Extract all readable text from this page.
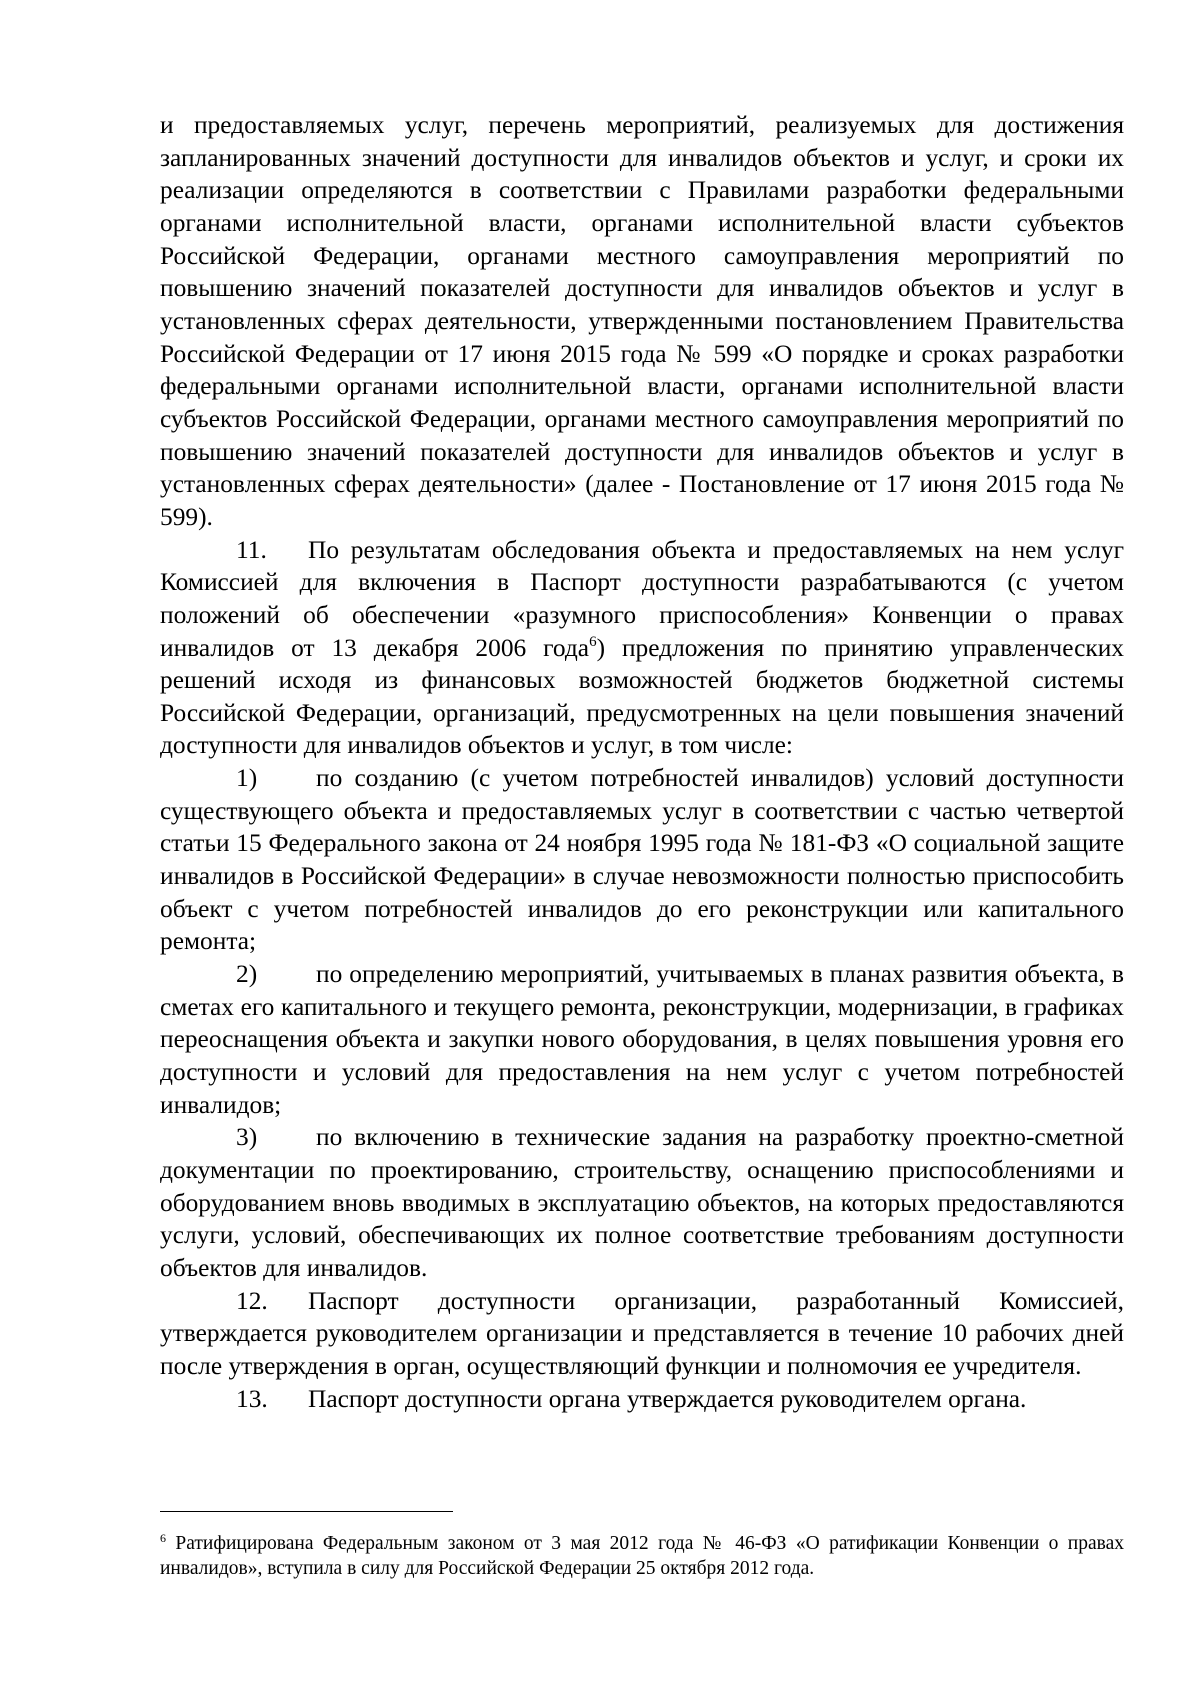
и предоставляемых услуг, перечень мероприятий, реализуемых для достижения запланированных значений доступности для инвалидов объектов и услуг, и сроки их реализации определяются в соответствии с Правилами разработки федеральными органами исполнительной власти, органами исполнительной власти субъектов Российской Федерации, органами местного самоуправления мероприятий по повышению значений показателей доступности для инвалидов объектов и услуг в установленных сферах деятельности, утвержденными постановлением Правительства Российской Федерации от 17 июня 2015 года № 599 «О порядке и сроках разработки федеральными органами исполнительной власти, органами исполнительной власти субъектов Российской Федерации, органами местного самоуправления мероприятий по повышению значений показателей доступности для инвалидов объектов и услуг в установленных сферах деятельности» (далее - Постановление от 17 июня 2015 года № 599).

11. По результатам обследования объекта и предоставляемых на нем услуг Комиссией для включения в Паспорт доступности разрабатываются (с учетом положений об обеспечении «разумного приспособления» Конвенции о правах инвалидов от 13 декабря 2006 года$^6$) предложения по принятию управленческих решений исходя из финансовых возможностей бюджетов бюджетной системы Российской Федерации, организаций, предусмотренных на цели повышения значений доступности для инвалидов объектов и услуг, в том числе:

1) по созданию (с учетом потребностей инвалидов) условий доступности существующего объекта и предоставляемых услуг в соответствии с частью четвертой статьи 15 Федерального закона от 24 ноября 1995 года № 181-ФЗ «О социальной защите инвалидов в Российской Федерации» в случае невозможности полностью приспособить объект с учетом потребностей инвалидов до его реконструкции или капитального ремонта;

2) по определению мероприятий, учитываемых в планах развития объекта, в сметах его капитального и текущего ремонта, реконструкции, модернизации, в графиках переоснащения объекта и закупки нового оборудования, в целях повышения уровня его доступности и условий для предоставления на нем услуг с учетом потребностей инвалидов;

3) по включению в технические задания на разработку проектно-сметной документации по проектированию, строительству, оснащению приспособлениями и оборудованием вновь вводимых в эксплуатацию объектов, на которых предоставляются услуги, условий, обеспечивающих их полное соответствие требованиям доступности объектов для инвалидов.

12. Паспорт доступности организации, разработанный Комиссией, утверждается руководителем организации и представляется в течение 10 рабочих дней после утверждения в орган, осуществляющий функции и полномочия ее учредителя.

13. Паспорт доступности органа утверждается руководителем органа.

$^6$ Ратифицирована Федеральным законом от 3 мая 2012 года № 46-ФЗ «О ратификации Конвенции о правах инвалидов», вступила в силу для Российской Федерации 25 октября 2012 года.
